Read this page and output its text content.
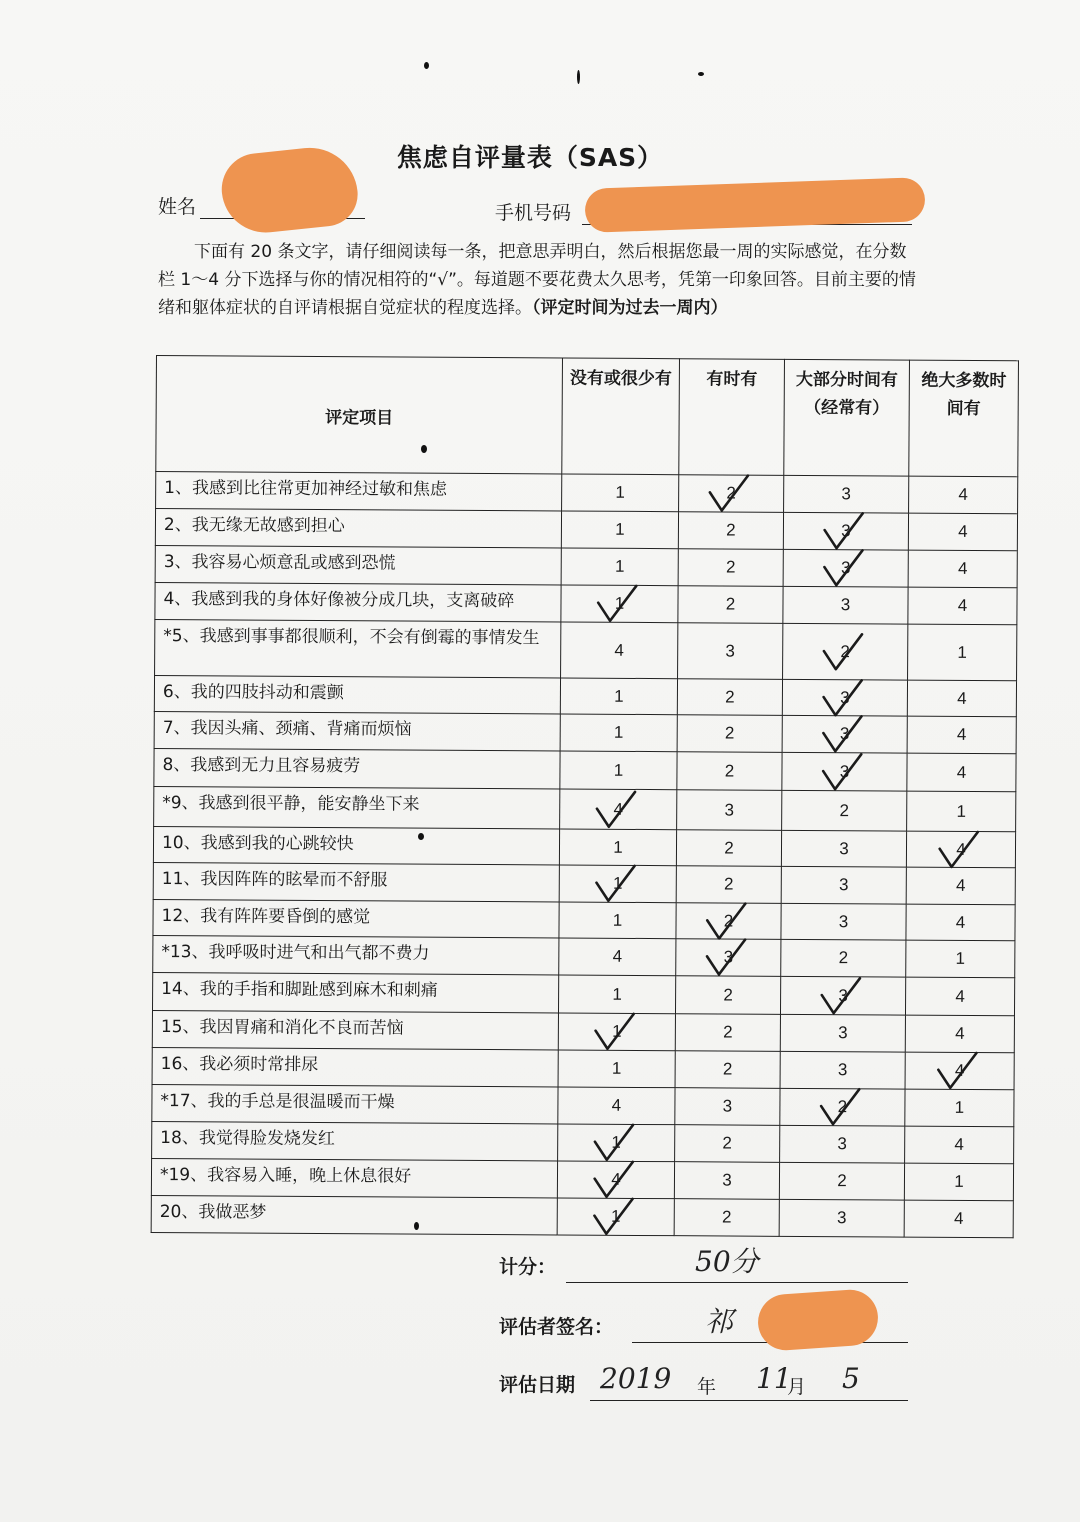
焦虑自评量表（SAS）
姓名	手机号码
下面有 20 条文字，请仔细阅读每一条，把意思弄明白，然后根据您最一周的实际感觉，在分数栏 1～4 分下选择与你的情况相符的“√”。每道题不要花费太久思考，凭第一印象回答。目前主要的情绪和躯体症状的自评请根据自觉症状的程度选择。（评定时间为过去一周内）
评定项目	没有或很少有	有时有	大部分时间有（经常有）	绝大多数时间有
1、我感到比往常更加神经过敏和焦虑	1	2	3	4
2、我无缘无故感到担心	1	2	3	4
3、我容易心烦意乱或感到恐慌	1	2	3	4
4、我感到我的身体好像被分成几块，支离破碎	1	2	3	4
*5、我感到事事都很顺利，不会有倒霉的事情发生	4	3	2	1
6、我的四肢抖动和震颤	1	2	3	4
7、我因头痛、颈痛、背痛而烦恼	1	2	3	4
8、我感到无力且容易疲劳	1	2	3	4
*9、我感到很平静，能安静坐下来	4	3	2	1
10、我感到我的心跳较快	1	2	3	4

11、我因阵阵的眩晕而不舒服	1	2	3	4
12、我有阵阵要昏倒的感觉	1	2	3	4
*13、我呼吸时进气和出气都不费力	4	3	2	1
14、我的手指和脚趾感到麻木和刺痛	1	2	3	4
15、我因胃痛和消化不良而苦恼	1	2	3	4
16、我必须时常排尿	1	2	3	4

*17、我的手总是很温暖而干燥	4	3	2	1
18、我觉得脸发烧发红	1	2	3	4
*19、我容易入睡，晚上休息很好	4	3	2	1
20、我做恶梦	1	2	3	4
计分：	50分
评估者签名：	祁
评估日期 2019 年 11
月 5
